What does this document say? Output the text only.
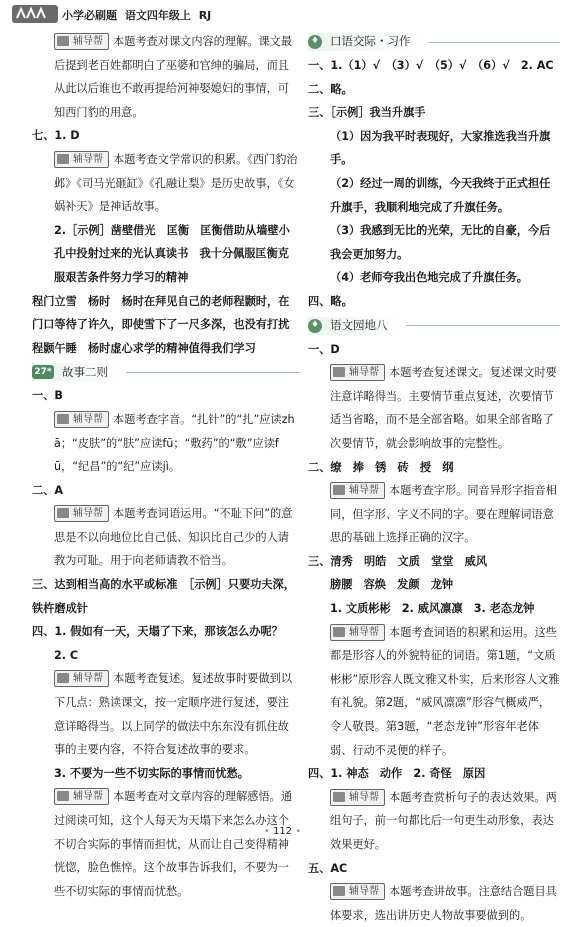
小学必刷题 语文四年级上 RJ

辅导帮 本题考查对课文内容的理解。课文最后提到老百姓都明白了巫婆和官绅的骗局，而且从此以后谁也不敢再提给河神娶媳妇的事情，可知西门豹的用意。

七、1. D

辅导帮 本题考查文学常识的积累。《西门豹治邺》《司马光砸缸》《孔融让梨》是历史故事，《女娲补天》是神话故事。

2.［示例］凿壁借光　匡衡　匡衡借助从墙壁小孔中投射过来的光认真读书　我十分佩服匡衡克服艰苦条件努力学习的精神

程门立雪　杨时　杨时在拜见自己的老师程颢时，在门口等待了许久，即使雪下了一尺多深，也没有打扰程颢午睡　杨时虚心求学的精神值得我们学习

27* 故事二则

一、B

辅导帮 本题考查字音。“扎针”的“扎”应读zhā；“皮肤”的“肤”应读fū；“敷药”的“敷”应读fū，“纪昌”的“纪”应读jì。

二、A

辅导帮 本题考查词语运用。“不耻下问”的意思是不以向地位比自己低、知识比自己少的人请教为可耻。用于向老师请教不恰当。

三、达到相当高的水平或标准　［示例］只要功夫深，铁杵磨成针

四、1. 假如有一天，天塌了下来，那该怎么办呢？

2. C

辅导帮 本题考查复述。复述故事时要做到以下几点：熟读课文，按一定顺序进行复述，要注意详略得当。以上同学的做法中东东没有抓住故事的主要内容，不符合复述故事的要求。

3. 不要为一些不切实际的事情而忧愁。

辅导帮 本题考查对文章内容的理解感悟。通过阅读可知，这个人每天为天塌下来怎么办这个不切合实际的事情而担忧，从而让自己变得精神恍惚，脸色憔悴。这个故事告诉我们，不要为一些不切实际的事情而忧愁。

♦ 口语交际・习作

一、1.（1）√　（3）√　（5）√　（6）√　2. AC

二、略。

三、［示例］我当升旗手

（1）因为我平时表现好，大家推选我当升旗手。

（2）经过一周的训练，今天我终于正式担任升旗手，我顺利地完成了升旗任务。

（3）我感到无比的光荣，无比的自豪，今后我会更加努力。

（4）老师夸我出色地完成了升旗任务。

四、略。

♦ 语文园地八

一、D

辅导帮 本题考查复述课文。复述课文时要注意详略得当。主要情节重点复述，次要情节适当省略，而不是全部省略。如果全部省略了次要情节，就会影响故事的完整性。

二、缭　捧　锈　砖　授　纲

辅导帮 本题考查字形。同音异形字指音相同，但字形、字义不同的字。要在理解词语意思的基础上选择正确的汉字。

三、清秀　明皓　文质　堂堂　威风

膀腰　容焕　发颜　龙钟

1. 文质彬彬　2. 威风凛凛　3. 老态龙钟

辅导帮 本题考查词语的积累和运用。这些都是形容人的外貌特征的词语。第1题，“文质彬彬”原形容人既文雅又朴实，后来形容人文雅有礼貌。第2题，“威风凛凛”形容气概威严，令人敬畏。第3题，“老态龙钟”形容年老体弱、行动不灵便的样子。

四、1. 神态　动作　2. 奇怪　原因

辅导帮 本题考查赏析句子的表达效果。两组句子，前一句都比后一句更生动形象，表达效果更好。

五、AC

辅导帮 本题考查讲故事。注意结合题目具体要求，选出讲历史人物故事要做到的。

• 112 •
